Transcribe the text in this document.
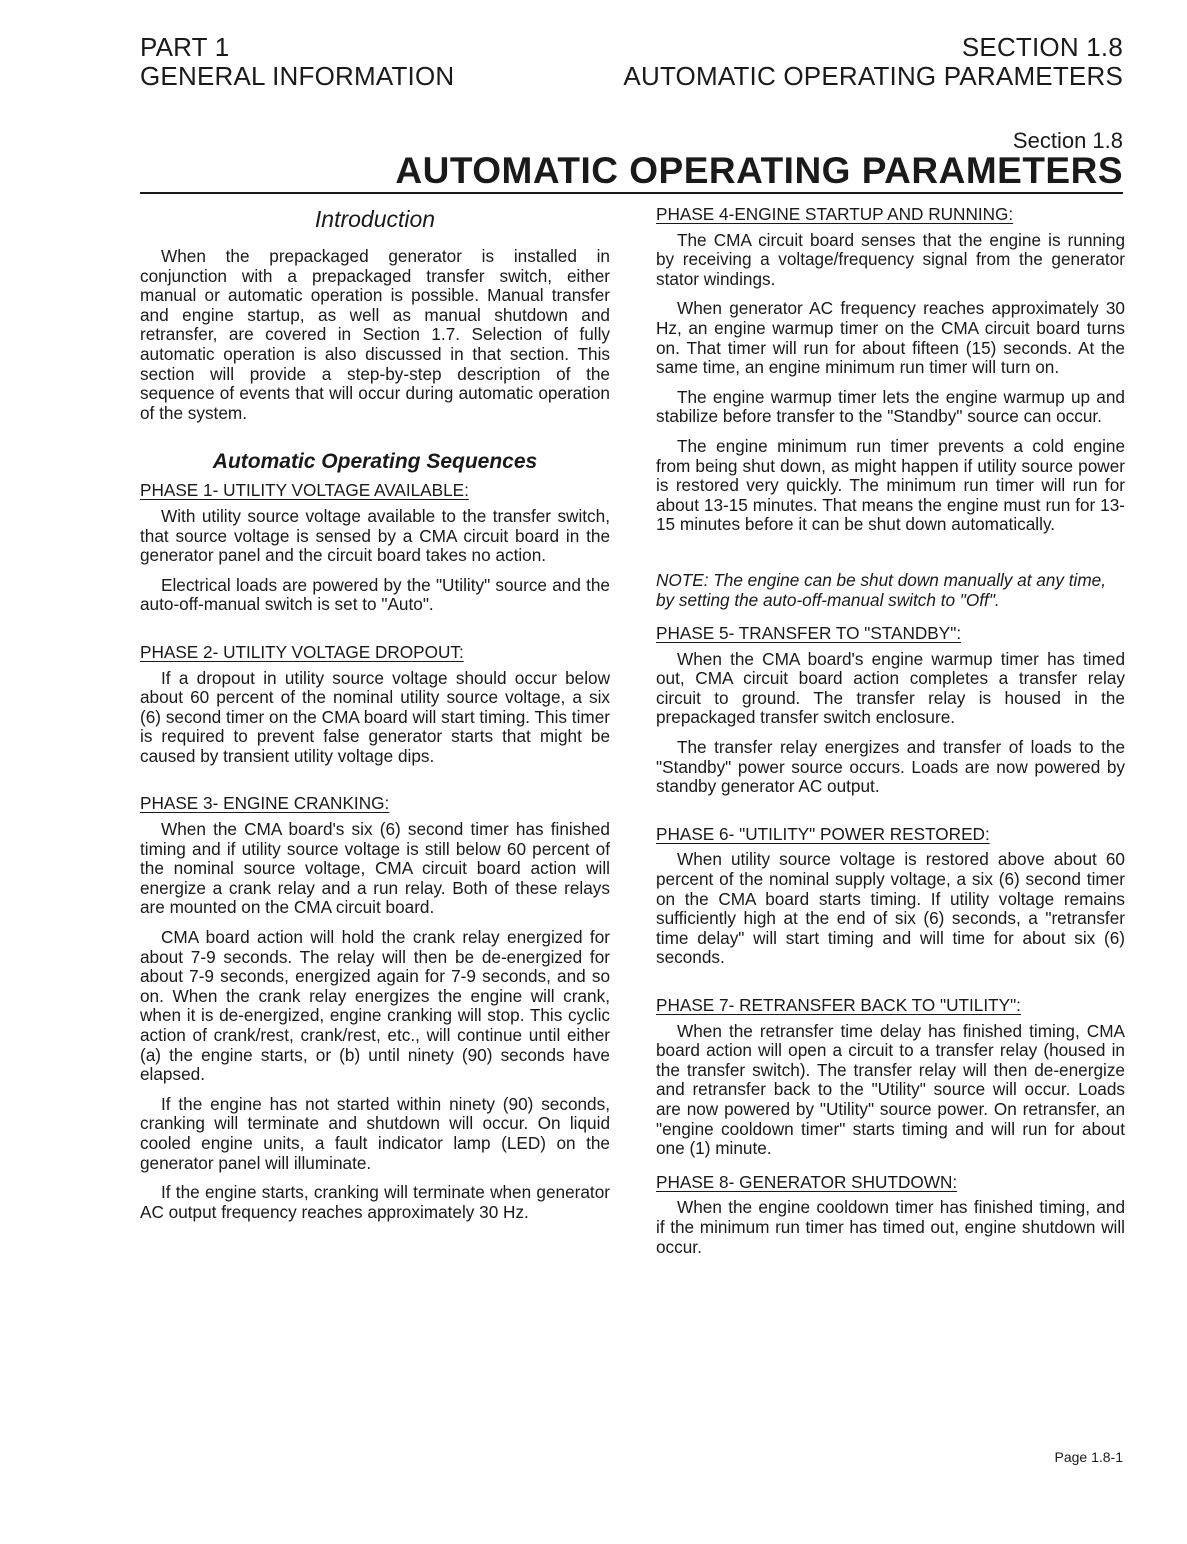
PART 1
GENERAL INFORMATION
SECTION 1.8
AUTOMATIC OPERATING PARAMETERS
Section 1.8
AUTOMATIC OPERATING PARAMETERS
Introduction

When the prepackaged generator is installed in conjunction with a prepackaged transfer switch, either manual or automatic operation is possible. Manual transfer and engine startup, as well as manual shutdown and retransfer, are covered in Section 1.7. Selection of fully automatic operation is also discussed in that section. This section will provide a step-by-step description of the sequence of events that will occur during automatic operation of the system.

Automatic Operating Sequences
PHASE 1- UTILITY VOLTAGE AVAILABLE:

With utility source voltage available to the transfer switch, that source voltage is sensed by a CMA circuit board in the generator panel and the circuit board takes no action.

Electrical loads are powered by the "Utility" source and the auto-off-manual switch is set to "Auto".

PHASE 2- UTILITY VOLTAGE DROPOUT:

If a dropout in utility source voltage should occur below about 60 percent of the nominal utility source voltage, a six (6) second timer on the CMA board will start timing. This timer is required to prevent false generator starts that might be caused by transient utility voltage dips.

PHASE 3- ENGINE CRANKING:

When the CMA board's six (6) second timer has finished timing and if utility source voltage is still below 60 percent of the nominal source voltage, CMA circuit board action will energize a crank relay and a run relay. Both of these relays are mounted on the CMA circuit board.

CMA board action will hold the crank relay energized for about 7-9 seconds. The relay will then be de-energized for about 7-9 seconds, energized again for 7-9 seconds, and so on. When the crank relay energizes the engine will crank, when it is de-energized, engine cranking will stop. This cyclic action of crank/rest, crank/rest, etc., will continue until either (a) the engine starts, or (b) until ninety (90) seconds have elapsed.

If the engine has not started within ninety (90) seconds, cranking will terminate and shutdown will occur. On liquid cooled engine units, a fault indicator lamp (LED) on the generator panel will illuminate.

If the engine starts, cranking will terminate when generator AC output frequency reaches approximately 30 Hz.

PHASE 4-ENGINE STARTUP AND RUNNING:

The CMA circuit board senses that the engine is running by receiving a voltage/frequency signal from the generator stator windings.

When generator AC frequency reaches approximately 30 Hz, an engine warmup timer on the CMA circuit board turns on. That timer will run for about fifteen (15) seconds. At the same time, an engine minimum run timer will turn on.

The engine warmup timer lets the engine warmup up and stabilize before transfer to the "Standby" source can occur.

The engine minimum run timer prevents a cold engine from being shut down, as might happen if utility source power is restored very quickly. The minimum run timer will run for about 13-15 minutes. That means the engine must run for 13-15 minutes before it can be shut down automatically.

NOTE: The engine can be shut down manually at any time, by setting the auto-off-manual switch to "Off".

PHASE 5- TRANSFER TO "STANDBY":

When the CMA board's engine warmup timer has timed out, CMA circuit board action completes a transfer relay circuit to ground. The transfer relay is housed in the prepackaged transfer switch enclosure.

The transfer relay energizes and transfer of loads to the "Standby" power source occurs. Loads are now powered by standby generator AC output.

PHASE 6- "UTILITY" POWER RESTORED:

When utility source voltage is restored above about 60 percent of the nominal supply voltage, a six (6) second timer on the CMA board starts timing. If utility voltage remains sufficiently high at the end of six (6) seconds, a "retransfer time delay" will start timing and will time for about six (6) seconds.

PHASE 7- RETRANSFER BACK TO "UTILITY":

When the retransfer time delay has finished timing, CMA board action will open a circuit to a transfer relay (housed in the transfer switch). The transfer relay will then de-energize and retransfer back to the "Utility" source will occur. Loads are now powered by "Utility" source power. On retransfer, an "engine cooldown timer" starts timing and will run for about one (1) minute.

PHASE 8- GENERATOR SHUTDOWN:

When the engine cooldown timer has finished timing, and if the minimum run timer has timed out, engine shutdown will occur.

Page 1.8-1
